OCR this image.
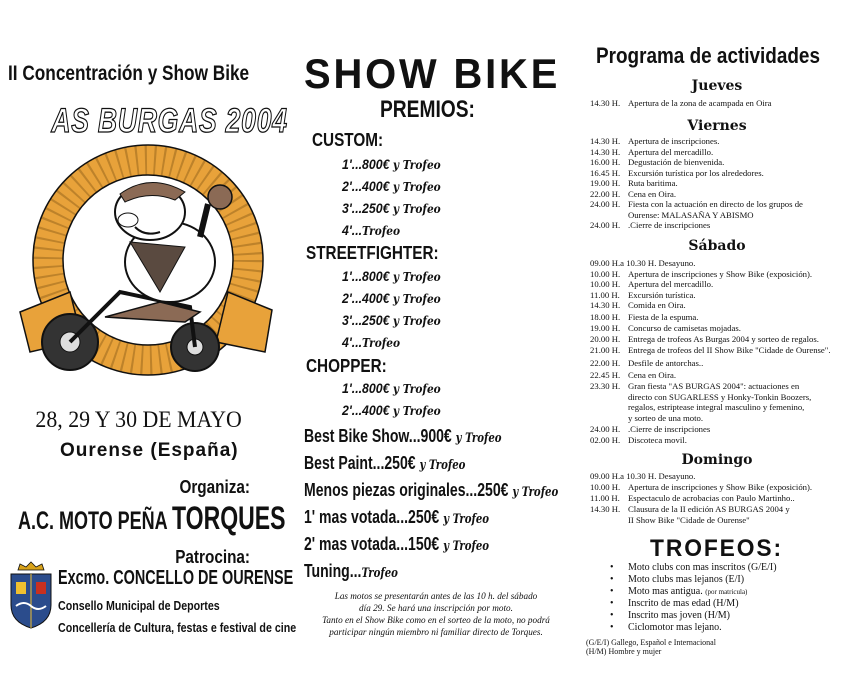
II Concentración y Show Bike
AS BURGAS 2004
28, 29 Y 30 DE MAYO
Ourense (España)
Organiza:
A.C. MOTO PEÑA TORQUES
Patrocina:
Excmo. CONCELLO DE OURENSE
Consello Municipal de Deportes
Concellería de Cultura, festas e festival de cine
SHOW BIKE
PREMIOS:
CUSTOM:
1'...800€ y Trofeo
2'...400€ y Trofeo
3'...250€ y Trofeo
4'...Trofeo
STREETFIGHTER:
1'...800€ y Trofeo
2'...400€ y Trofeo
3'...250€ y Trofeo
4'...Trofeo
CHOPPER:
1'...800€ y Trofeo
2'...400€ y Trofeo
Best Bike Show...900€ y Trofeo
Best Paint...250€ y Trofeo
Menos piezas originales...250€ y Trofeo
1' mas votada...250€ y Trofeo
2' mas votada...150€ y Trofeo
Tuning...Trofeo
Las motos se presentarán antes de las 10 h. del sábado
día 29. Se hará una inscripción por moto.
Tanto en el Show Bike como en el sorteo de la moto, no podrá
participar ningún miembro ni familiar directo de Torques.
Programa de actividades
Jueves
14.30 H. Apertura de la zona de acampada en Oira
Viernes
14.30 H. Apertura de inscripciones.
14.30 H. Apertura del mercadillo.
16.00 H. Degustación de bienvenida.
16.45 H. Excursión turística por los alrededores.
19.00 H. Ruta baritima.
22.00 H. Cena en Oira.
24.00 H. Fiesta con la actuación en directo de los grupos de
Ourense: MALASAÑA Y ABISMO
24.00 H. .Cierre de inscripciones
Sábado
09.00 H.a 10.30 H. Desayuno.
10.00 H. Apertura de inscripciones y Show Bike (exposición).
10.00 H. Apertura del mercadillo.
11.00 H. Excursión turística.
14.30 H. Comida en Oira.
18.00 H. Fiesta de la espuma.
19.00 H. Concurso de camisetas mojadas.
20.00 H. Entrega de trofeos As Burgas 2004 y sorteo de regalos.
21.00 H. Entrega de trofeos del II Show Bike "Cidade de Ourense".
22.00 H. Desfile de antorchas..
22.45 H. Cena en Oira.
23.30 H. Gran fiesta "AS BURGAS 2004": actuaciones en
directo con SUGARLESS y Honky-Tonkin Boozers,
regalos, estriptease integral masculino y femenino,
y sorteo de una moto.
24.00 H. .Cierre de inscripciones
02.00 H. Discoteca movil.
Domingo
09.00 H.a 10.30 H. Desayuno.
10.00 H. Apertura de inscripciones y Show Bike (exposición).
11.00 H. Espectaculo de acrobacias con Paulo Martinho..
14.30 H. Clausura de la II edición AS BURGAS 2004 y
II Show Bike "Cidade de Ourense"
TROFEOS:
• Moto clubs con mas inscritos (G/E/I)
• Moto clubs mas lejanos (E/I)
• Moto mas antigua. (por matricula)
• Inscrito de mas edad (H/M)
• Inscrito mas joven (H/M)
• Ciclomotor mas lejano.
(G/E/I) Gallego, Español e Internacional
(H/M) Hombre y mujer
